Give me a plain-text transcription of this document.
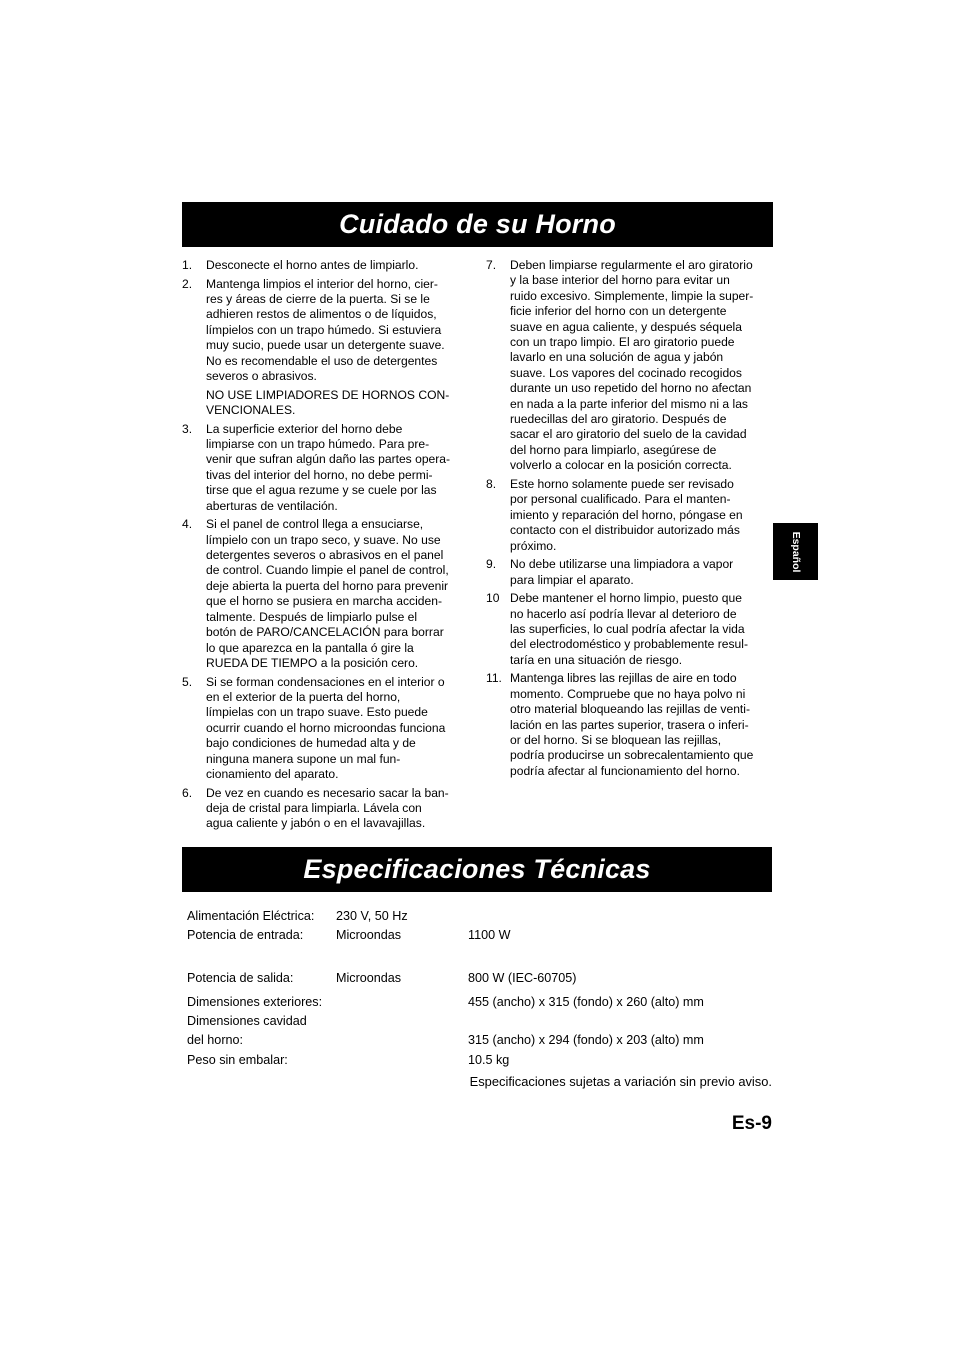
Cuidado de su Horno
1.	Desconecte el horno antes de limpiarlo.
2.	Mantenga limpios el interior del horno, cier-
res y áreas de cierre de la puerta. Si se le
adhieren restos de alimentos o de líquidos,
límpielos con un trapo húmedo. Si estuviera
muy sucio, puede usar un detergente suave.
No es recomendable el uso de detergentes
severos o abrasivos.
NO USE LIMPIADORES DE HORNOS CON-
VENCIONALES.
3.	La superficie exterior del horno debe
limpiarse con un trapo húmedo. Para pre-
venir que sufran algún daño las partes opera-
tivas del interior del horno, no debe permi-
tirse que el agua rezume y se cuele por las
aberturas de ventilación.
4.	Si el panel de control llega a ensuciarse,
límpielo con un trapo seco, y suave. No use
detergentes severos o abrasivos en el panel
de control. Cuando limpie el panel de control,
deje abierta la puerta del horno para prevenir
que el horno se pusiera en marcha acciden-
talmente. Después de limpiarlo pulse el
botón de PARO/CANCELACIÓN para borrar
lo que aparezca en la pantalla ó gire la
RUEDA DE TIEMPO a la posición cero.
5.	Si se forman condensaciones en el interior o
en el exterior de la puerta del horno,
límpielas con un trapo suave. Esto puede
ocurrir cuando el horno microondas funciona
bajo condiciones de humedad alta y de
ninguna manera supone un mal fun-
cionamiento del aparato.
6.	De vez en cuando es necesario sacar la ban-
deja de cristal para limpiarla. Lávela con
agua caliente y jabón o en el lavavajillas.
7.	Deben limpiarse regularmente el aro giratorio
y la base interior del horno para evitar un
ruido excesivo. Simplemente, limpie la super-
ficie inferior del horno con un detergente
suave en agua caliente, y después séquela
con un trapo limpio. El aro giratorio puede
lavarlo en una solución de agua y jabón
suave. Los vapores del cocinado recogidos
durante un uso repetido del horno no afectan
en nada a la parte inferior del mismo ni a las
ruedecillas del aro giratorio. Después de
sacar el aro giratorio del suelo de la cavidad
del horno para limpiarlo, asegúrese de
volverlo a colocar en la posición correcta.
8.	Este horno solamente puede ser revisado
por personal cualificado. Para el manten-
imiento y reparación del horno, póngase en
contacto con el distribuidor autorizado más
próximo.
9.	No debe utilizarse una limpiadora a vapor
para limpiar el aparato.
10 Debe mantener el horno limpio, puesto que
no hacerlo así podría llevar al deterioro de
las superficies, lo cual podría afectar la vida
del electrodoméstico y probablemente resul-
taría en una situación de riesgo.
11. Mantenga libres las rejillas de aire en todo
momento. Compruebe que no haya polvo ni
otro material bloqueando las rejillas de venti-
lación en las partes superior, trasera o inferi-
or del horno. Si se bloquean las rejillas,
podría producirse un sobrecalentamiento que
podría afectar al funcionamiento del horno.
Español
Especificaciones Técnicas
Alimentación Eléctrica: 230 V, 50 Hz
Potencia de entrada:	Microondas	1100 W
Potencia de salida:	Microondas	800 W (IEC-60705)
Dimensiones exteriores:	455 (ancho) x 315 (fondo) x 260 (alto) mm
Dimensiones cavidad
del horno:	315 (ancho) x 294 (fondo) x 203 (alto) mm
Peso sin embalar:	10.5 kg
Especificaciones sujetas a variación sin previo aviso.
Es-9
